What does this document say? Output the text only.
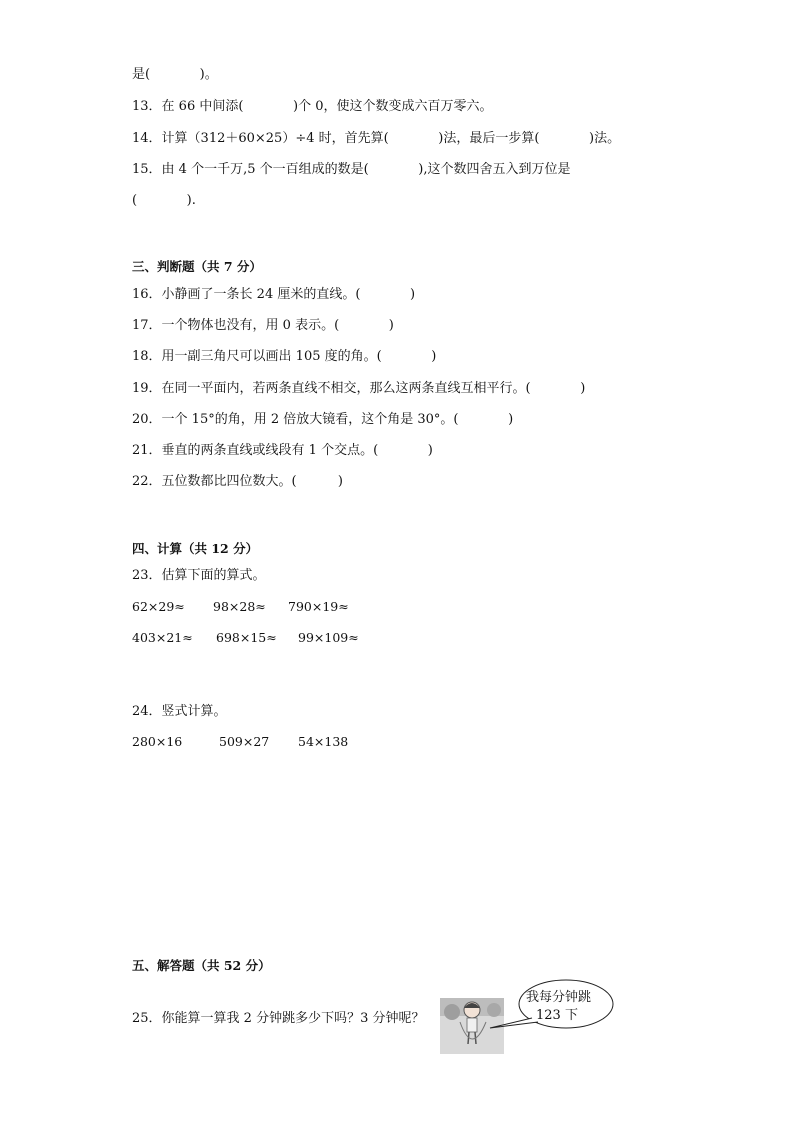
是(            )。
13．在 66 中间添(            )个 0，使这个数变成六百万零六。
14．计算（312＋60×25）÷4 时，首先算(            )法，最后一步算(            )法。
15．由 4 个一千万,5 个一百组成的数是(            ),这个数四舍五入到万位是
(            ).
三、判断题（共 7 分）
16．小静画了一条长 24 厘米的直线。(            )
17．一个物体也没有，用 0 表示。(            )
18．用一副三角尺可以画出 105 度的角。(            )
19．在同一平面内，若两条直线不相交，那么这两条直线互相平行。(            )
20．一个 15°的角，用 2 倍放大镜看，这个角是 30°。(            )
21．垂直的两条直线或线段有 1 个交点。(            )
22．五位数都比四位数大。(          )
四、计算（共 12 分）
23．估算下面的算式。
62×29≈ 98×28≈ 790×19≈
403×21≈ 698×15≈ 99×109≈
24．竖式计算。
280×16	509×27 54×138
五、解答题（共 52 分）
25．你能算一算我 2 分钟跳多少下吗？3 分钟呢？
我每分钟跳
123 下
